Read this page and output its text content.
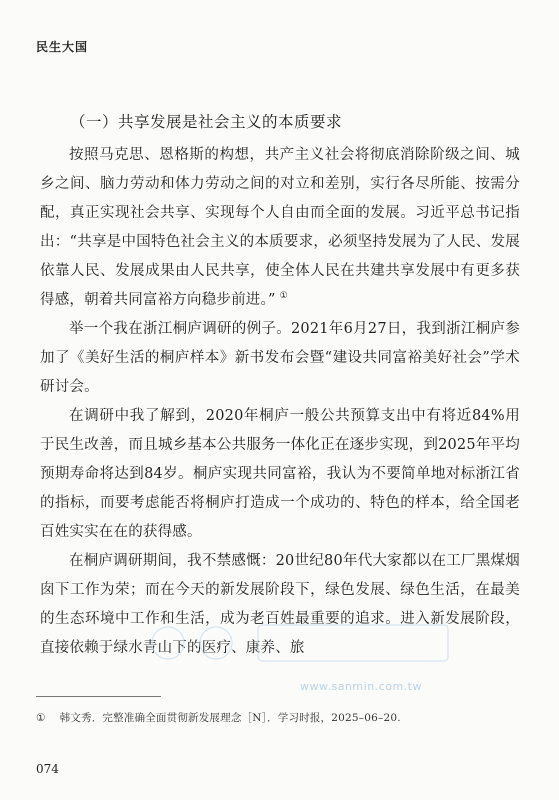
民生大国
（一）共享发展是社会主义的本质要求

按照马克思、恩格斯的构想，共产主义社会将彻底消除阶级之间、城乡之间、脑力劳动和体力劳动之间的对立和差别，实行各尽所能、按需分配，真正实现社会共享、实现每个人自由而全面的发展。习近平总书记指出：“共享是中国特色社会主义的本质要求，必须坚持发展为了人民、发展依靠人民、发展成果由人民共享，使全体人民在共建共享发展中有更多获得感，朝着共同富裕方向稳步前进。” ①

举一个我在浙江桐庐调研的例子。2021年6月27日，我到浙江桐庐参加了《美好生活的桐庐样本》新书发布会暨“建设共同富裕美好社会”学术研讨会。

在调研中我了解到，2020年桐庐一般公共预算支出中有将近84%用于民生改善，而且城乡基本公共服务一体化正在逐步实现，到2025年平均预期寿命将达到84岁。桐庐实现共同富裕，我认为不要简单地对标浙江省的指标，而要考虑能否将桐庐打造成一个成功的、特色的样本，给全国老百姓实实在在的获得感。

在桐庐调研期间，我不禁感慨：20世纪80年代大家都以在工厂黑煤烟囱下工作为荣；而在今天的新发展阶段下，绿色发展、绿色生活，在最美的生态环境中工作和生活，成为老百姓最重要的追求。进入新发展阶段，直接依赖于绿水青山下的医疗、康养、旅

www.sanmin.com.tw
① 韩文秀．完整准确全面贯彻新发展理念［N］．学习时报，2025–06–20.
074
